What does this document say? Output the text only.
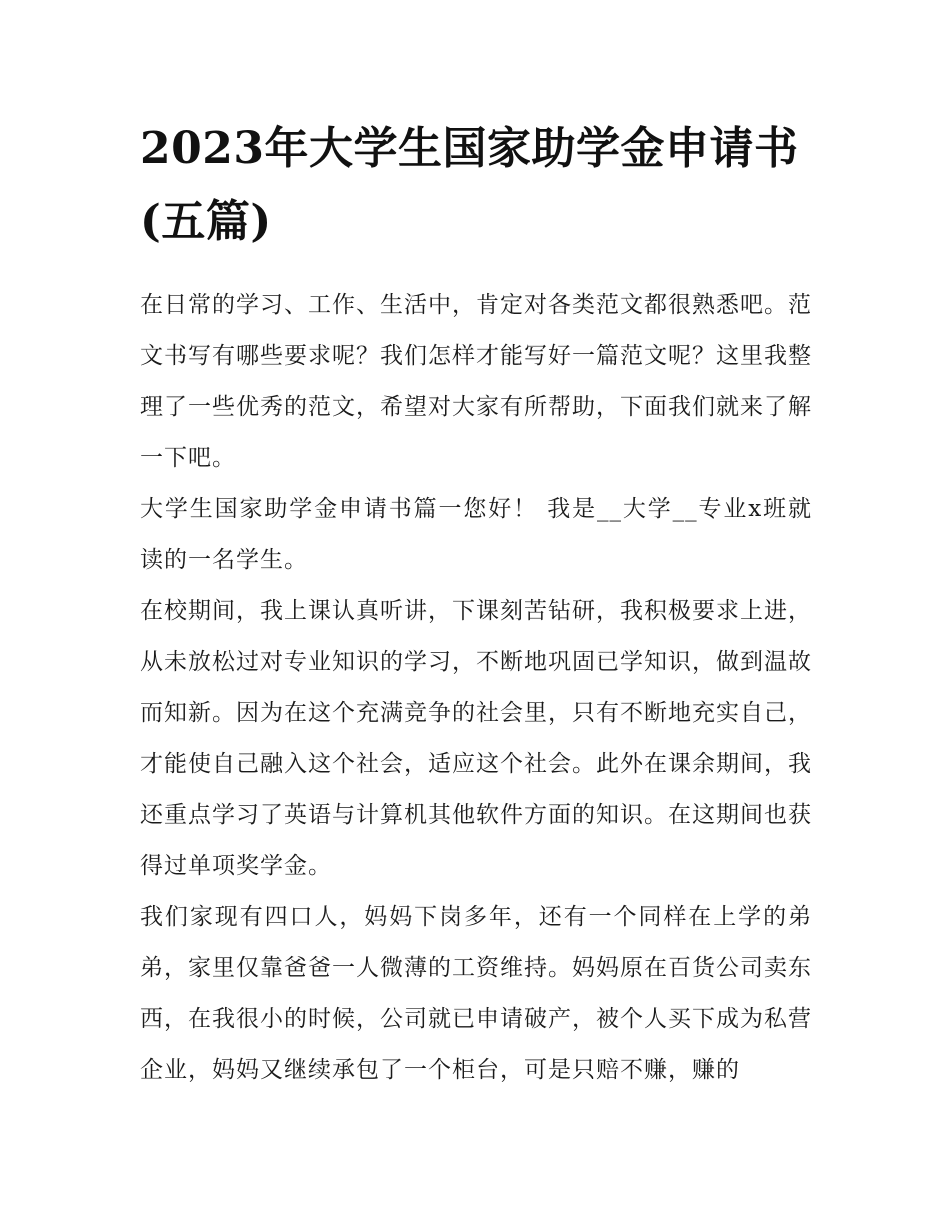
2023年大学生国家助学金申请书(五篇)

在日常的学习、工作、生活中，肯定对各类范文都很熟悉吧。范文书写有哪些要求呢？我们怎样才能写好一篇范文呢？这里我整理了一些优秀的范文，希望对大家有所帮助，下面我们就来了解一下吧。

大学生国家助学金申请书篇一您好！ 我是__大学__专业x班就读的一名学生。

在校期间，我上课认真听讲，下课刻苦钻研，我积极要求上进，从未放松过对专业知识的学习，不断地巩固已学知识，做到温故而知新。因为在这个充满竞争的社会里，只有不断地充实自己，才能使自己融入这个社会，适应这个社会。此外在课余期间，我还重点学习了英语与计算机其他软件方面的知识。在这期间也获得过单项奖学金。

我们家现有四口人，妈妈下岗多年，还有一个同样在上学的弟弟，家里仅靠爸爸一人微薄的工资维持。妈妈原在百货公司卖东西，在我很小的时候，公司就已申请破产，被个人买下成为私营企业，妈妈又继续承包了一个柜台，可是只赔不赚，赚的
